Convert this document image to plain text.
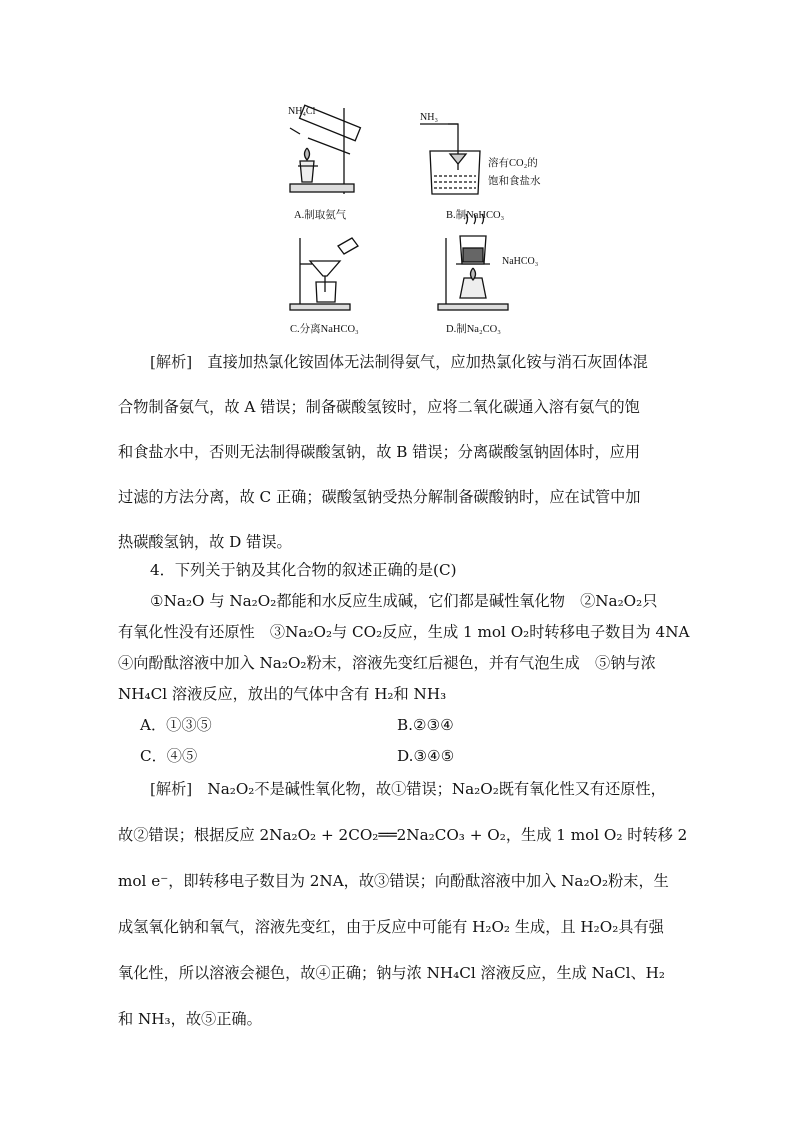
NH₄Cl
A.制取氨气
NH₃
溶有CO₂的
饱和食盐水
B.制NaHCO₃
C.分离NaHCO₃
NaHCO₃
D.制Na₂CO₃
[解析]　 直接加热氯化铵固体无法制得氨气，应加热氯化铵与消石灰固体混
合物制备氨气，故 A 错误；制备碳酸氢铵时，应将二氧化碳通入溶有氨气的饱
和食盐水中，否则无法制得碳酸氢钠，故 B 错误；分离碳酸氢钠固体时，应用
过滤的方法分离，故 C 正确；碳酸氢钠受热分解制备碳酸钠时，应在试管中加
热碳酸氢钠，故 D 错误。
4．下列关于钠及其化合物的叙述正确的是(C)
①Na₂O 与 Na₂O₂都能和水反应生成碱，它们都是碱性氧化物　②Na₂O₂只
有氧化性没有还原性　③Na₂O₂与 CO₂反应，生成 1 mol O₂时转移电子数目为 4NA
④向酚酞溶液中加入 Na₂O₂粉末，溶液先变红后褪色，并有气泡生成　⑤钠与浓
NH₄Cl 溶液反应，放出的气体中含有 H₂和 NH₃
A．①③⑤	B.②③④
C．④⑤	D.③④⑤
[解析]　 Na₂O₂不是碱性氧化物，故①错误；Na₂O₂既有氧化性又有还原性，
故②错误；根据反应 2Na₂O₂ + 2CO₂══2Na₂CO₃ + O₂，生成 1 mol O₂ 时转移 2
mol e⁻，即转移电子数目为 2NA，故③错误；向酚酞溶液中加入 Na₂O₂粉末，生
成氢氧化钠和氧气，溶液先变红，由于反应中可能有 H₂O₂ 生成，且 H₂O₂具有强
氧化性，所以溶液会褪色，故④正确；钠与浓 NH₄Cl 溶液反应，生成 NaCl、H₂
和 NH₃，故⑤正确。
